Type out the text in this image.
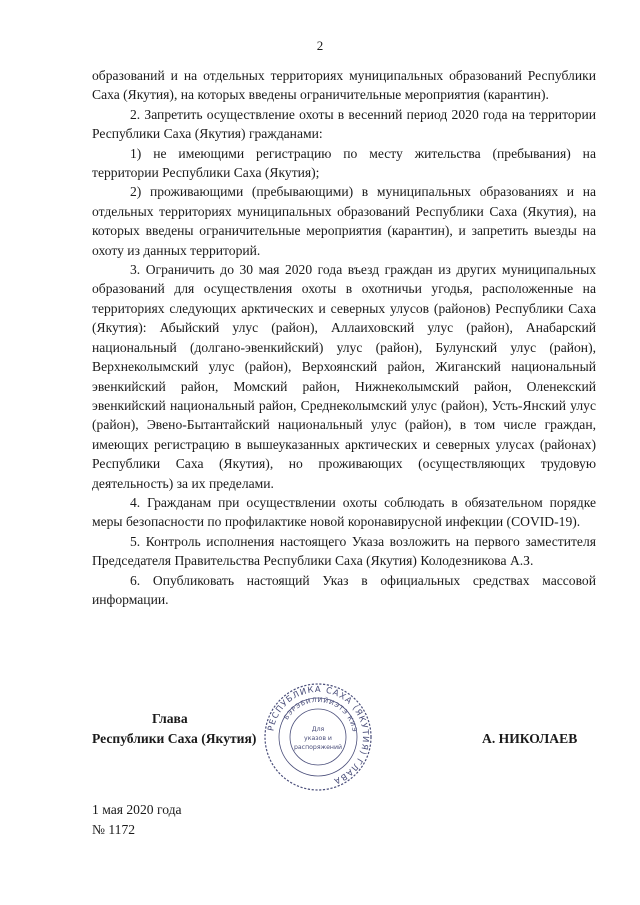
2

образований и на отдельных территориях муниципальных образований Республики Саха (Якутия), на которых введены ограничительные мероприятия (карантин).

2. Запретить осуществление охоты в весенний период 2020 года на территории Республики Саха (Якутия) гражданами:

1) не имеющими регистрацию по месту жительства (пребывания) на территории Республики Саха (Якутия);

2) проживающими (пребывающими) в муниципальных образованиях и на отдельных территориях муниципальных образований Республики Саха (Якутия), на которых введены ограничительные мероприятия (карантин), и запретить выезды на охоту из данных территорий.

3. Ограничить до 30 мая 2020 года въезд граждан из других муниципальных образований для осуществления охоты в охотничьи угодья, расположенные на территориях следующих арктических и северных улусов (районов) Республики Саха (Якутия): Абыйский улус (район), Аллаиховский улус (район), Анабарский национальный (долгано-эвенкийский) улус (район), Булунский улус (район), Верхнеколымский улус (район), Верхоянский район, Жиганский национальный эвенкийский район, Момский район, Нижнеколымский район, Оленекский эвенкийский национальный район, Среднеколымский улус (район), Усть-Янский улус (район), Эвено-Бытантайский национальный улус (район), в том числе граждан, имеющих регистрацию в вышеуказанных арктических и северных улусах (районах) Республики Саха (Якутия), но проживающих (осуществляющих трудовую деятельность) за их пределами.

4. Гражданам при осуществлении охоты соблюдать в обязательном порядке меры безопасности по профилактике новой коронавирусной инфекции (COVID-19).

5. Контроль исполнения настоящего Указа возложить на первого заместителя Председателя Правительства Республики Саха (Якутия) Колодезникова А.З.

6. Опубликовать настоящий Указ в официальных средствах массовой информации.

Глава
Республики Саха (Якутия)
РЕСПУБЛИКА САХА (ЯКУТИЯ) ГЛАВА
БЭРЭБИЛИЙИЭТЭ КИЭ
Для
указов и
распоряжений
А. НИКОЛАЕВ
1 мая 2020 года
№ 1172
